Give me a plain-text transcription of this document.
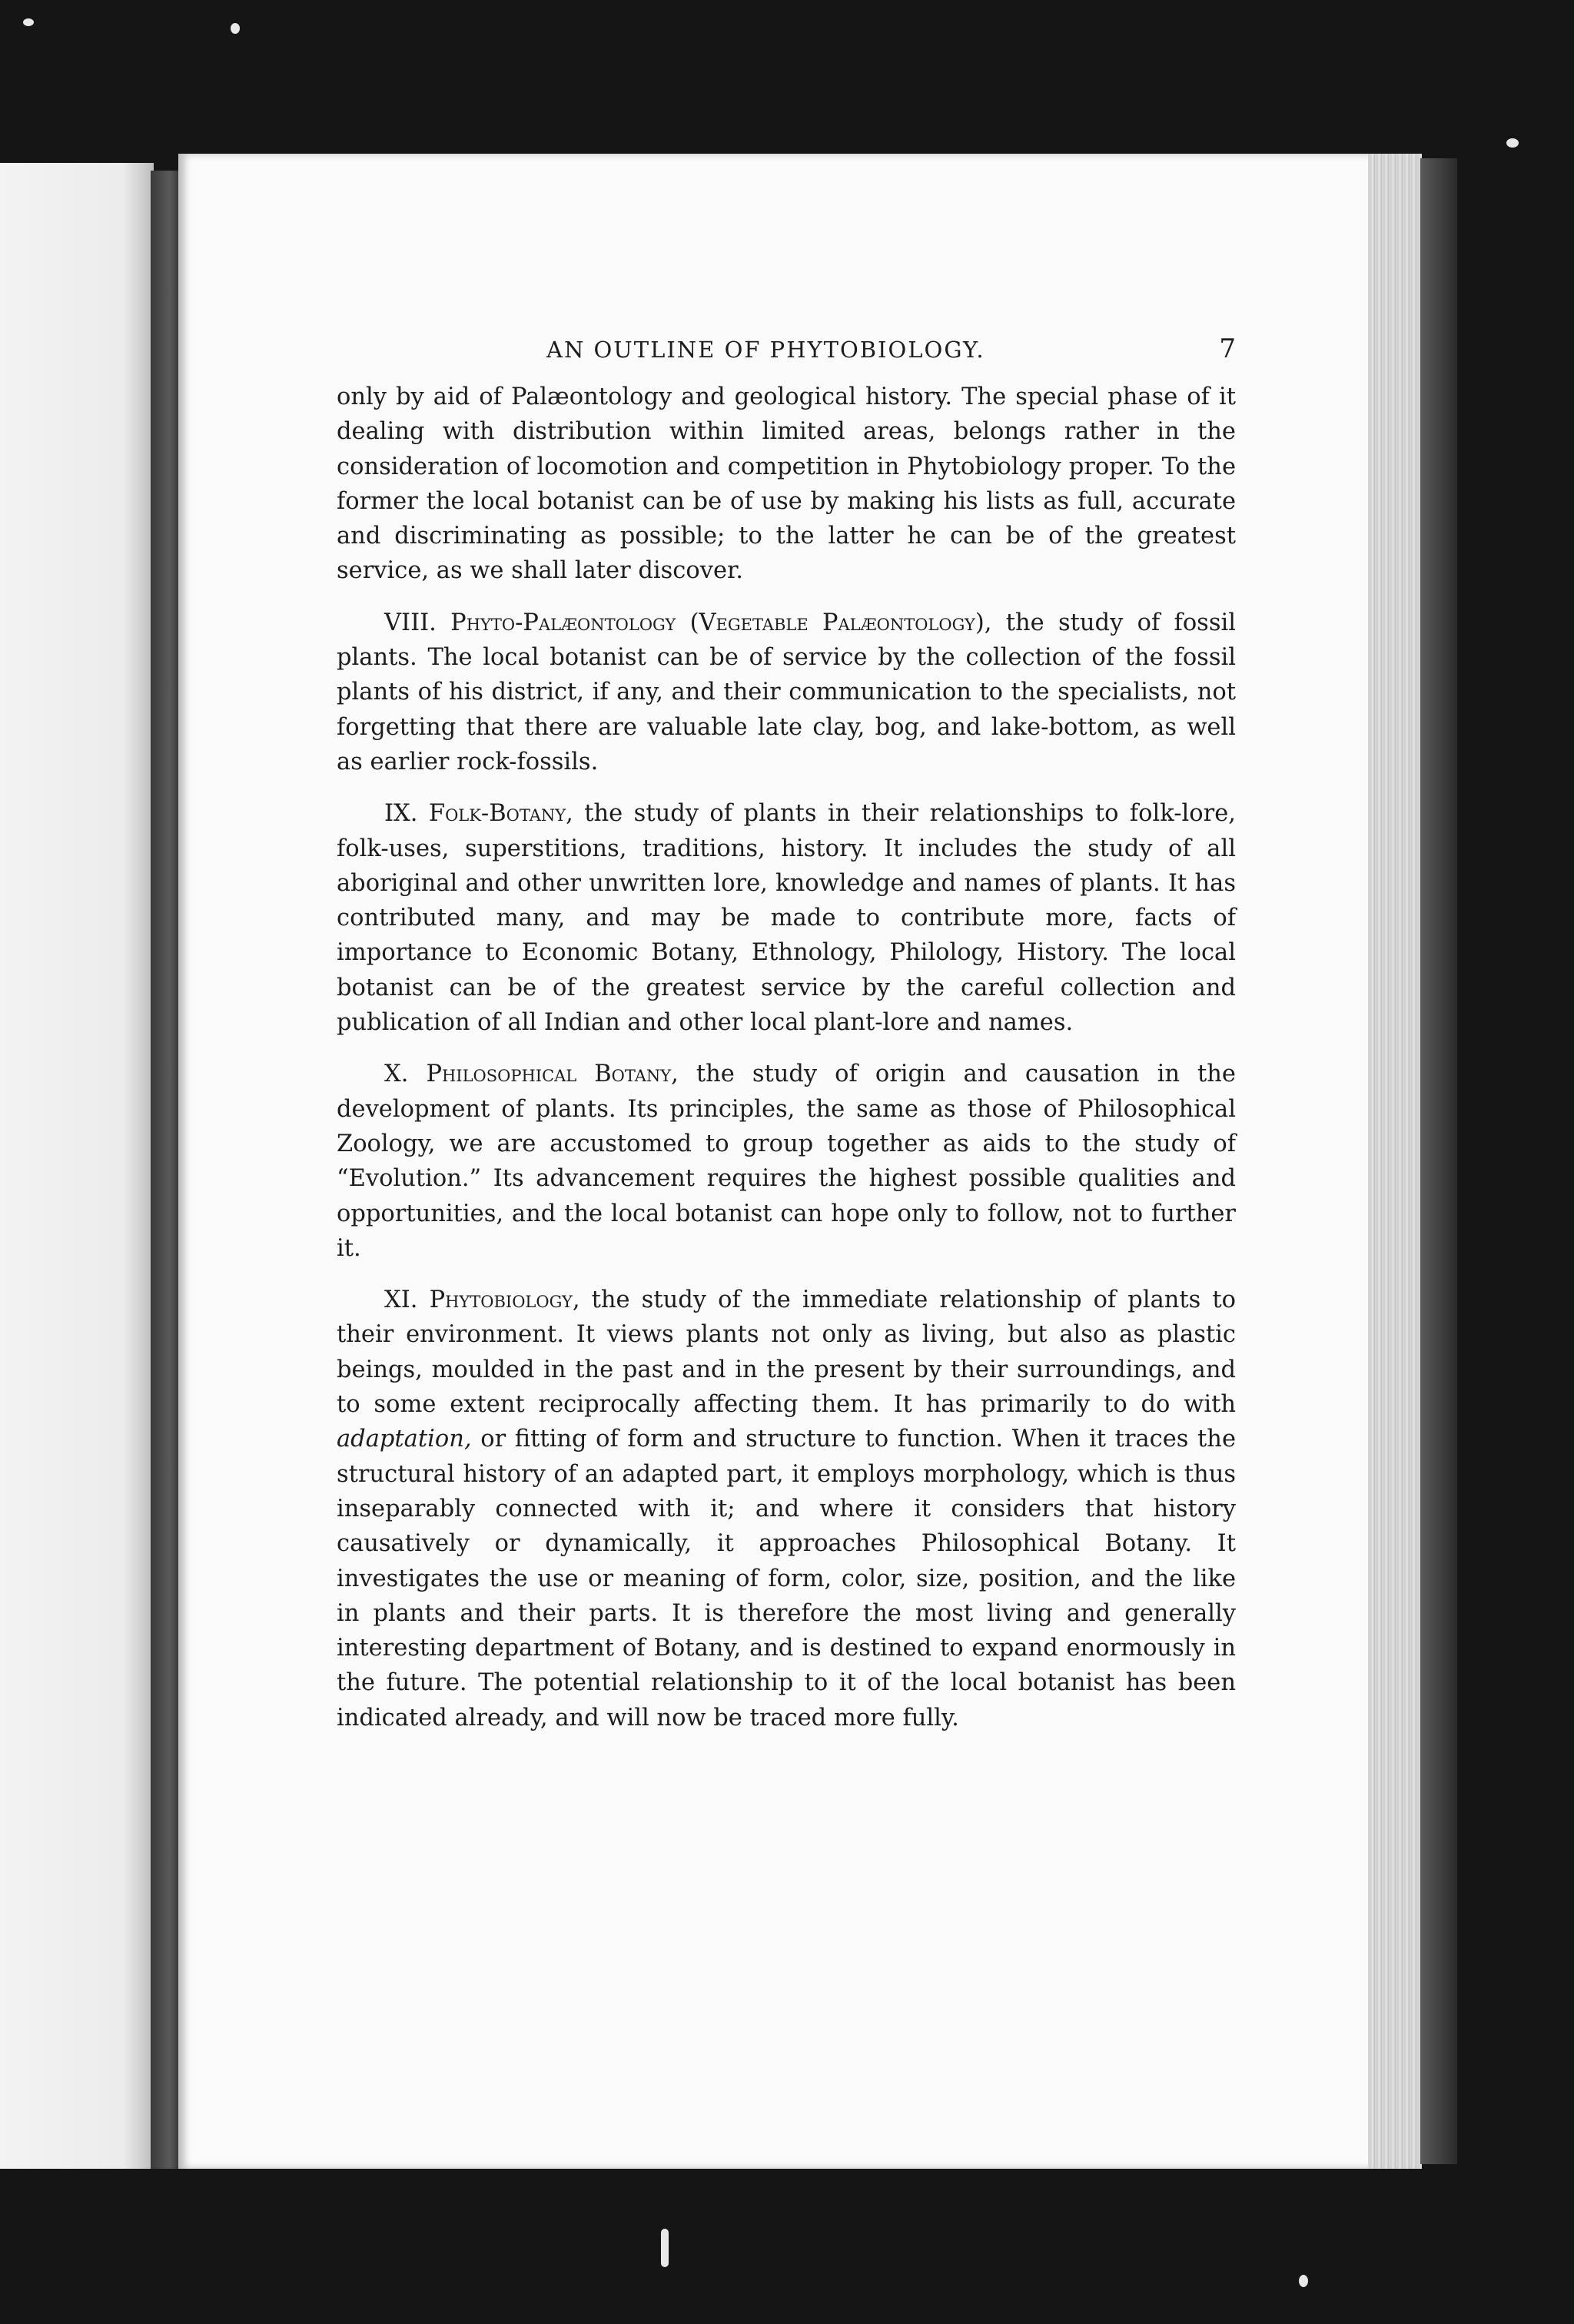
AN OUTLINE OF PHYTOBIOLOGY.	7

only by aid of Palæontology and geological history. The special phase of it dealing with distribution within limited areas, belongs rather in the consideration of locomotion and competition in Phytobiology proper. To the former the local botanist can be of use by making his lists as full, accurate and discriminating as possible; to the latter he can be of the greatest service, as we shall later discover.

VIII. Phyto-Palæontology (Vegetable Palæontology), the study of fossil plants. The local botanist can be of service by the collection of the fossil plants of his district, if any, and their communication to the specialists, not forgetting that there are valuable late clay, bog, and lake-bottom, as well as earlier rock-fossils.

IX. Folk-Botany, the study of plants in their relationships to folk-lore, folk-uses, superstitions, traditions, history. It includes the study of all aboriginal and other unwritten lore, knowledge and names of plants. It has contributed many, and may be made to contribute more, facts of importance to Economic Botany, Ethnology, Philology, History. The local botanist can be of the greatest service by the careful collection and publication of all Indian and other local plant-lore and names.

X. Philosophical Botany, the study of origin and causation in the development of plants. Its principles, the same as those of Philosophical Zoology, we are accustomed to group together as aids to the study of “Evolution.” Its advancement requires the highest possible qualities and opportunities, and the local botanist can hope only to follow, not to further it.

XI. Phytobiology, the study of the immediate relationship of plants to their environment. It views plants not only as living, but also as plastic beings, moulded in the past and in the present by their surroundings, and to some extent reciprocally affecting them. It has primarily to do with adaptation, or fitting of form and structure to function. When it traces the structural history of an adapted part, it employs morphology, which is thus inseparably connected with it; and where it considers that history causatively or dynamically, it approaches Philosophical Botany. It investigates the use or meaning of form, color, size, position, and the like in plants and their parts. It is therefore the most living and generally interesting department of Botany, and is destined to expand enormously in the future. The potential relationship to it of the local botanist has been indicated already, and will now be traced more fully.
